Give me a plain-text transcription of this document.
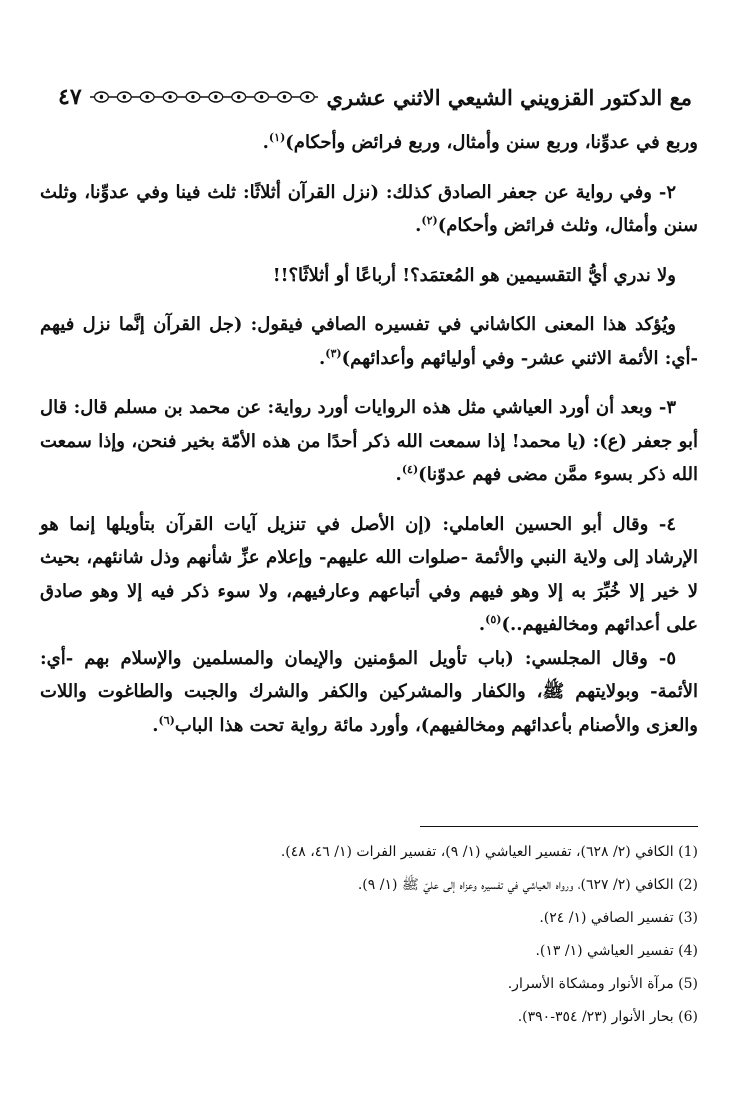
مع الدكتور القزويني الشيعي الاثني عشري
٤٧

وربع في عدوِّنا، وربع سنن وأمثال، وربع فرائض وأحكام)$^{(١)}$.

٢- وفي رواية عن جعفر الصادق كذلك: (نزل القرآن أثلاثًا: ثلث فينا وفي عدوِّنا، وثلث سنن وأمثال، وثلث فرائض وأحكام)$^{(٢)}$.

ولا ندري أيُّ التقسيمين هو المُعتمَد؟! أرباعًا أو أثلاثًا؟!!

ويُؤكد هذا المعنى الكاشاني في تفسيره الصافي فيقول: (جل القرآن إنَّما نزل فيهم -أي: الأئمة الاثني عشر- وفي أوليائهم وأعدائهم)$^{(٣)}$.

٣- وبعد أن أورد العياشي مثل هذه الروايات أورد رواية: عن محمد بن مسلم قال: قال أبو جعفر (ع): (يا محمد! إذا سمعت الله ذكر أحدًا من هذه الأمّة بخير فنحن، وإذا سمعت الله ذكر بسوء ممَّن مضى فهم عدوّنا)$^{(٤)}$.

٤- وقال أبو الحسين العاملي: (إن الأصل في تنزيل آيات القرآن بتأويلها إنما هو الإرشاد إلى ولاية النبي والأئمة -صلوات الله عليهم- وإعلام عزِّ شأنهم وذل شانئهم، بحيث لا خير إلا خُبِّرَ به إلا وهو فيهم وفي أتباعهم وعارفيهم، ولا سوء ذكر فيه إلا وهو صادق على أعدائهم ومخالفيهم..)$^{(٥)}$.

٥- وقال المجلسي: (باب تأويل المؤمنين والإيمان والمسلمين والإسلام بهم -أي: الأئمة- وبولايتهم ﷺ، والكفار والمشركين والكفر والشرك والجبت والطاغوت واللات والعزى والأصنام بأعدائهم ومخالفيهم)، وأورد مائة رواية تحت هذا الباب$^{(٦)}$.

(1) الكافي (٢/ ٦٢٨)، تفسير العياشي (١/ ٩)، تفسير الفرات (١/ ٤٦، ٤٨).

(2) الكافي (٢/ ٦٢٧)، ورواه العياشي في تفسيره وعزاه إلى عليّ ﷺ (١/ ٩).

(3) تفسير الصافي (١/ ٢٤).

(4) تفسير العياشي (١/ ١٣).

(5) مرآة الأنوار ومشكاة الأسرار.

(6) بحار الأنوار (٢٣/ ٣٥٤-٣٩٠).
